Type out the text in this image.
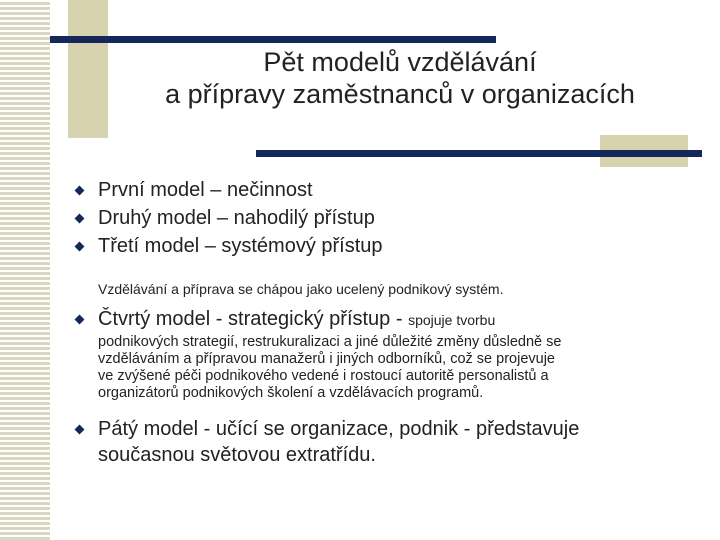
Pět modelů vzdělávání
a přípravy zaměstnanců v organizacích
První model – nečinnost
Druhý model – nahodilý přístup
Třetí model – systémový přístup
Vzdělávání a příprava se chápou jako ucelený podnikový systém.
Čtvrtý model - strategický přístup - spojuje tvorbu
podnikových strategií, restrukuralizaci a jiné důležité změny důsledně se
vzděláváním a přípravou manažerů i jiných odborníků, což se projevuje
ve zvýšené péči podnikového vedené i rostoucí autoritě personalistů a
organizátorů podnikových školení a vzdělávacích programů.
Pátý model - učící se organizace, podnik - představuje
současnou světovou extratřídu.
